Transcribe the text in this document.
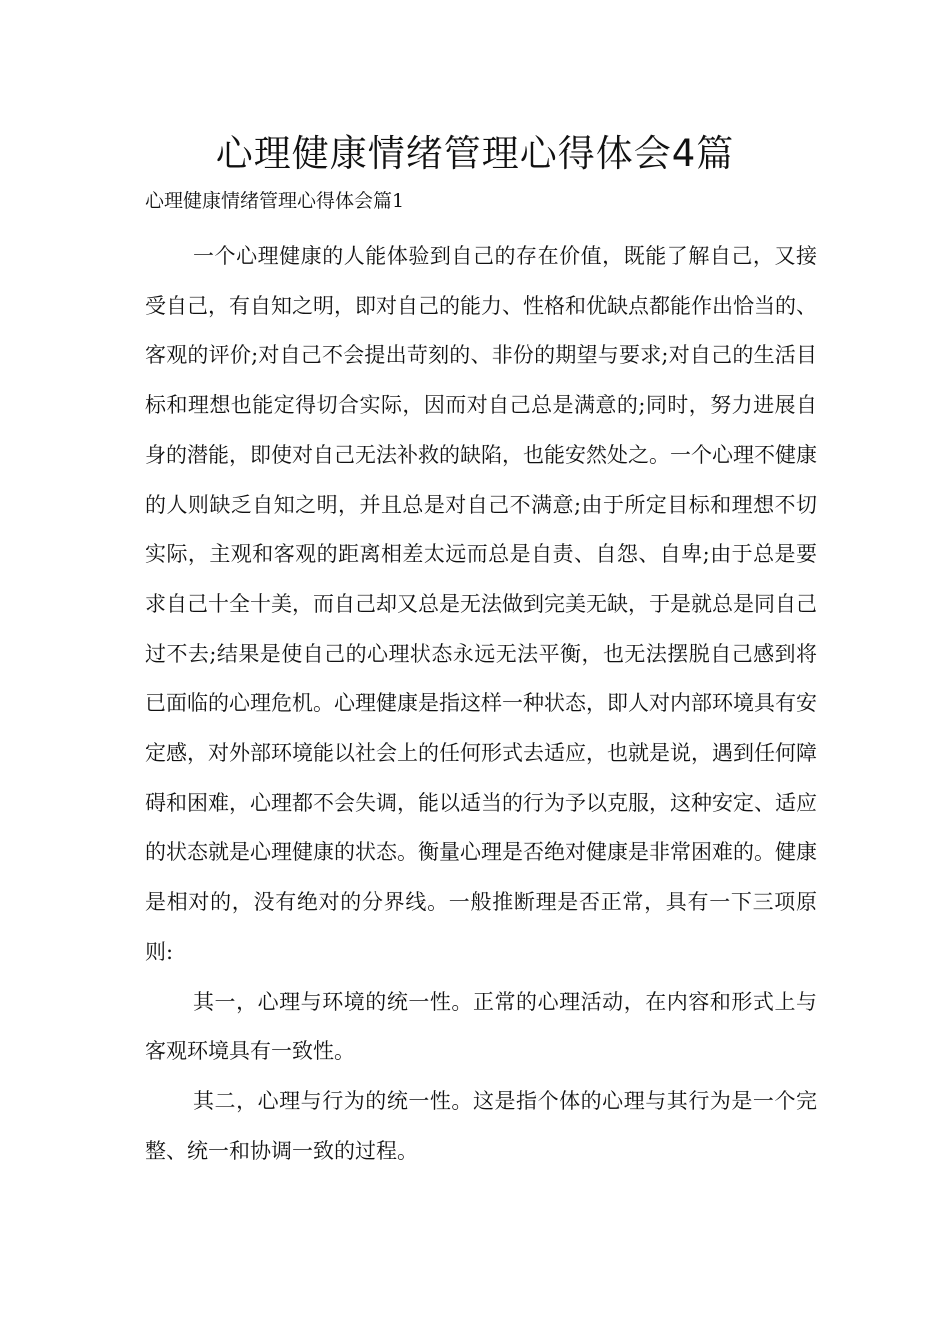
心理健康情绪管理心得体会4篇
心理健康情绪管理心得体会篇1

一个心理健康的人能体验到自己的存在价值，既能了解自己，又接受自己，有自知之明，即对自己的能力、性格和优缺点都能作出恰当的、客观的评价;对自己不会提出苛刻的、非份的期望与要求;对自己的生活目标和理想也能定得切合实际，因而对自己总是满意的;同时，努力进展自身的潜能，即使对自己无法补救的缺陷，也能安然处之。一个心理不健康的人则缺乏自知之明，并且总是对自己不满意;由于所定目标和理想不切实际，主观和客观的距离相差太远而总是自责、自怨、自卑;由于总是要求自己十全十美，而自己却又总是无法做到完美无缺，于是就总是同自己过不去;结果是使自己的心理状态永远无法平衡，也无法摆脱自己感到将已面临的心理危机。心理健康是指这样一种状态，即人对内部环境具有安定感，对外部环境能以社会上的任何形式去适应，也就是说，遇到任何障碍和困难，心理都不会失调，能以适当的行为予以克服，这种安定、适应的状态就是心理健康的状态。衡量心理是否绝对健康是非常困难的。健康是相对的，没有绝对的分界线。一般推断理是否正常，具有一下三项原则:

其一，心理与环境的统一性。正常的心理活动，在内容和形式上与客观环境具有一致性。

其二，心理与行为的统一性。这是指个体的心理与其行为是一个完整、统一和协调一致的过程。
